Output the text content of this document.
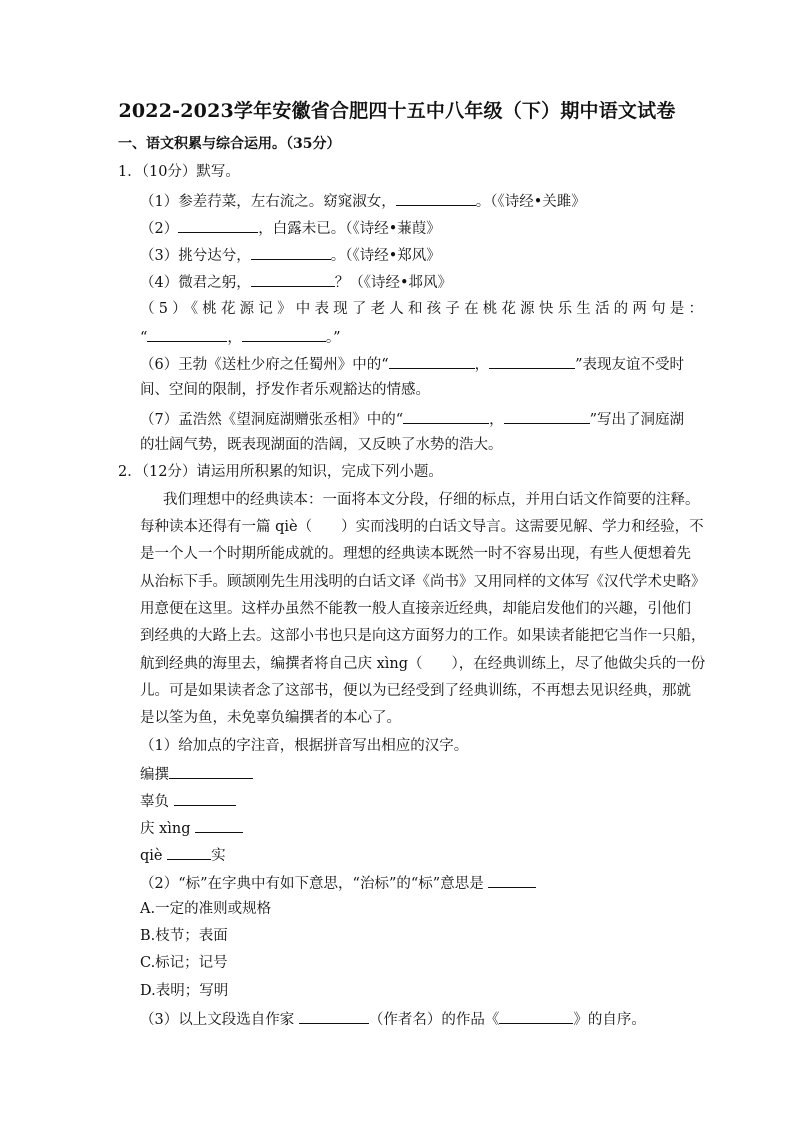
2022-2023学年安徽省合肥四十五中八年级（下）期中语文试卷
一、语文积累与综合运用。（35分）
1．（10分）默写。
（1）参差荇菜，左右流之。窈窕淑女，	。（《诗经•关雎》
（2）	，白露未已。（《诗经•蒹葭》
（3）挑兮达兮，	。（《诗经•郑风》
（4）微君之躬，	？（《诗经•邶风》
（5）《桃花源记》中表现了老人和孩子在桃花源快乐生活的两句是：
“	，	。”
（6）王勃《送杜少府之任蜀州》中的“	，	”表现友谊不受时
间、空间的限制，抒发作者乐观豁达的情感。
（7）孟浩然《望洞庭湖赠张丞相》中的“	，	”写出了洞庭湖
的壮阔气势，既表现湖面的浩阔，又反映了水势的浩大。
2．（12分）请运用所积累的知识，完成下列小题。
我们理想中的经典读本：一面将本文分段，仔细的标点，并用白话文作简要的注释。
每种读本还得有一篇 qiè（　　）实而浅明的白话文导言。这需要见解、学力和经验，不
是一个人一个时期所能成就的。理想的经典读本既然一时不容易出现，有些人便想着先
从治标下手。顾颉刚先生用浅明的白话文译《尚书》又用同样的文体写《汉代学术史略》
用意便在这里。这样办虽然不能教一般人直接亲近经典，却能启发他们的兴趣，引他们
到经典的大路上去。这部小书也只是向这方面努力的工作。如果读者能把它当作一只船，
航到经典的海里去，编撰者将自己庆 xìng（　　），在经典训练上，尽了他做尖兵的一份
儿。可是如果读者念了这部书，便以为已经受到了经典训练，不再想去见识经典，那就
是以筌为鱼，未免辜负编撰者的本心了。
（1）给加点的字注音，根据拼音写出相应的汉字。
编撰
辜负
庆 xìng
qiè	实
（2）“标”在字典中有如下意思，“治标”的“标”意思是
A.一定的准则或规格
B.枝节；表面
C.标记；记号
D.表明；写明
（3）以上文段选自作家	（作者名）的作品《	》的自序。
